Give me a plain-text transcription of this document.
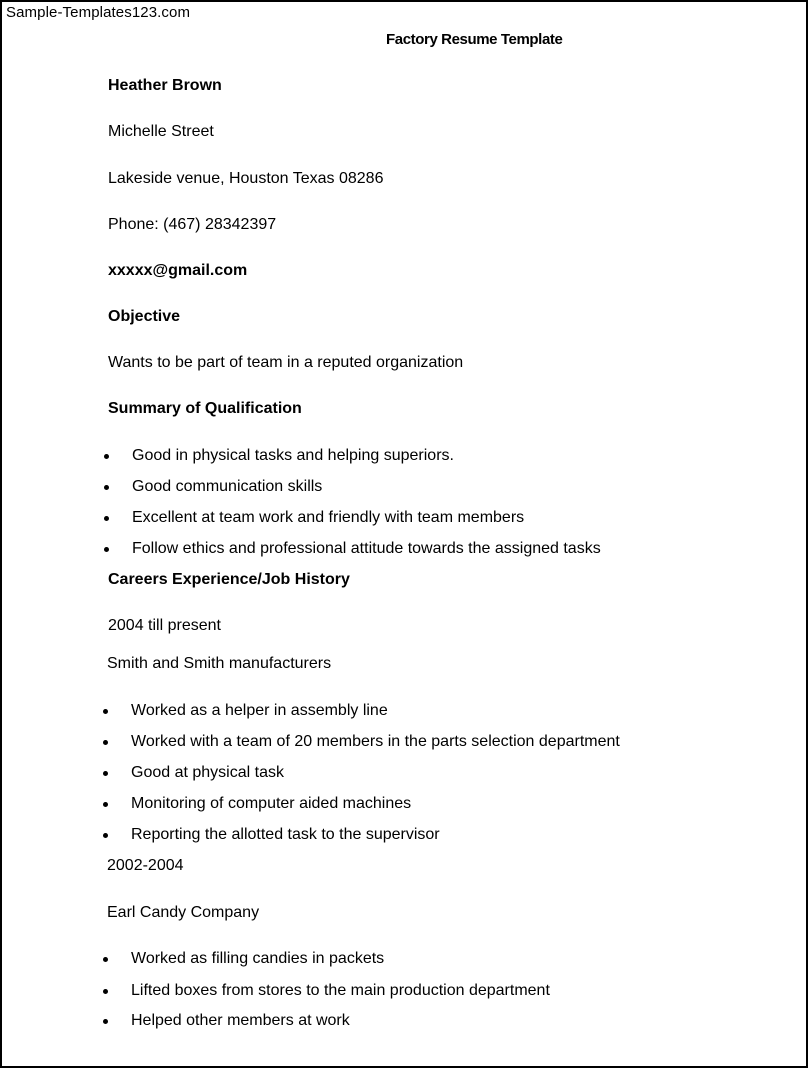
Sample-Templates123.com
Factory Resume Template
Heather Brown
Michelle Street
Lakeside venue, Houston Texas 08286
Phone: (467) 28342397
xxxxx@gmail.com
Objective
Wants to be part of team in a reputed organization
Summary of Qualification
Good in physical tasks and helping superiors.
Good communication skills
Excellent at team work and friendly with team members
Follow ethics and professional attitude towards the assigned tasks
Careers Experience/Job History
2004 till present
Smith and Smith manufacturers
Worked as a helper in assembly line
Worked with a team of 20 members in the parts selection department
Good at physical task
Monitoring of computer aided machines
Reporting the allotted task to the supervisor
2002-2004
Earl Candy Company
Worked as filling candies in packets
Lifted boxes from stores to the main production department
Helped other members at work
